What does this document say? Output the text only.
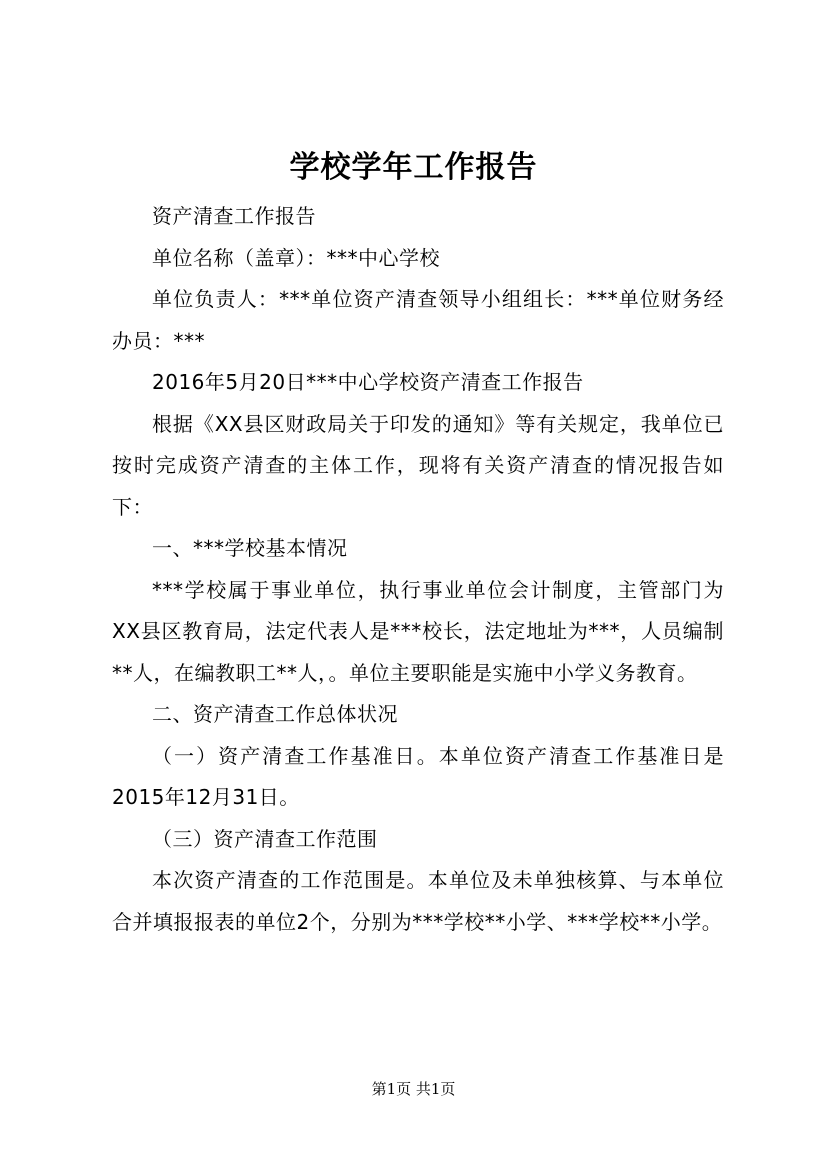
学校学年工作报告

资产清查工作报告

单位名称（盖章）：***中心学校

单位负责人：***单位资产清查领导小组组长：***单位财务经办员：***

2016年5月20日***中心学校资产清查工作报告

根据《XX县区财政局关于印发的通知》等有关规定，我单位已按时完成资产清查的主体工作，现将有关资产清查的情况报告如下：

一、***学校基本情况

***学校属于事业单位，执行事业单位会计制度，主管部门为XX县区教育局，法定代表人是***校长，法定地址为***，人员编制**人，在编教职工**人，。单位主要职能是实施中小学义务教育。

二、资产清查工作总体状况

（一）资产清查工作基准日。本单位资产清查工作基准日是2015年12月31日。

（三）资产清查工作范围

本次资产清查的工作范围是。本单位及未单独核算、与本单位合并填报报表的单位2个，分别为***学校**小学、***学校**小学。

第1页 共1页
